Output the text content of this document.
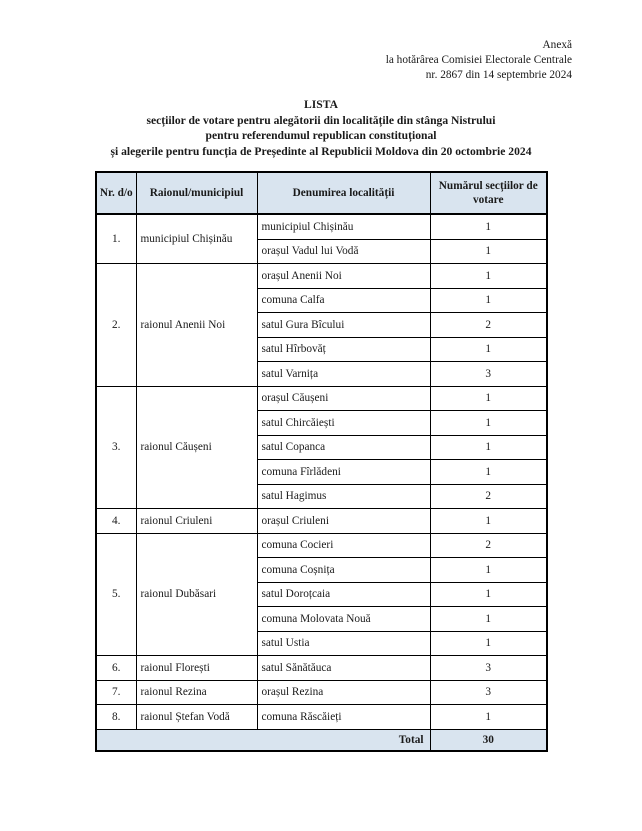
Anexă
la hotărârea Comisiei Electorale Centrale
nr. 2867 din 14 septembrie 2024
LISTA
secțiilor de votare pentru alegătorii din localitățile din stânga Nistrului
pentru referendumul republican constituțional
și alegerile pentru funcția de Președinte al Republicii Moldova din 20 octombrie 2024
Nr. d/o	Raionul/municipiul	Denumirea localității	Numărul secțiilor de votare
1.	municipiul Chișinău	municipiul Chișinău	1
		orașul Vadul lui Vodă	1
2.	raionul Anenii Noi	orașul Anenii Noi	1
		comuna Calfa	1
		satul Gura Bîcului	2
		satul Hîrbovăț	1
		satul Varnița	3
3.	raionul Căușeni	orașul Căușeni	1
		satul Chircăiești	1
		satul Copanca	1
		comuna Fîrlădeni	1
		satul Hagimus	2
4.	raionul Criuleni	orașul Criuleni	1
5.	raionul Dubăsari	comuna Cocieri	2
		comuna Coșnița	1
		satul Doroțcaia	1
		comuna Molovata Nouă	1
		satul Ustia	1
6.	raionul Florești	satul Sănătăuca	3
7.	raionul Rezina	orașul Rezina	3
8.	raionul Ștefan Vodă	comuna Răscăieți	1
Total			30
